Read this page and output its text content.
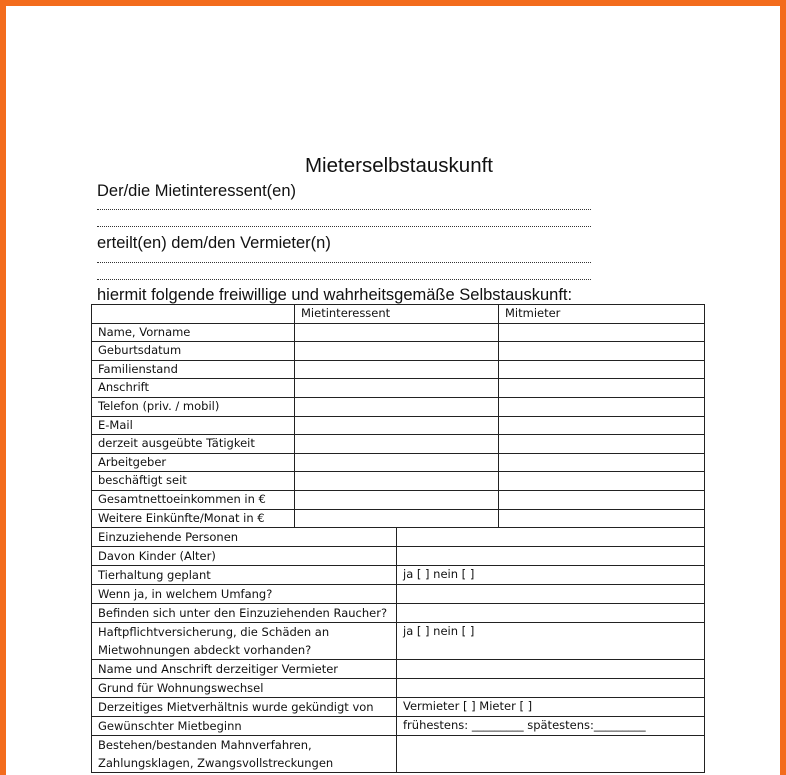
Mieterselbstauskunft
Der/die Mietinteressent(en)
erteilt(en) dem/den Vermieter(n)
hiermit folgende freiwillige und wahrheitsgemäße Selbstauskunft:
	Mietinteressent		Mitmieter
Name, Vorname			
Geburtsdatum			
Familienstand			
Anschrift			
Telefon (priv. / mobil)			
E-Mail			
derzeit ausgeübte Tätigkeit			
Arbeitgeber			
beschäftigt seit			
Gesamtnettoeinkommen in €			
Weitere Einkünfte/Monat in €			
Einzuziehende Personen			
Davon Kinder (Alter)			
Tierhaltung geplant		ja [ ] nein [ ]	
Wenn ja, in welchem Umfang?			
Befinden sich unter den Einzuziehenden Raucher?			
Haftpflichtversicherung, die Schäden an Mietwohnungen abdeckt vorhanden?		ja [ ] nein [ ]	
Name und Anschrift derzeitiger Vermieter			
Grund für Wohnungswechsel			
Derzeitiges Mietverhältnis wurde gekündigt von		Vermieter [ ] Mieter [ ]	
Gewünschter Mietbeginn		frühestens: _________ spätestens:_________	
Bestehen/bestanden Mahnverfahren, Zahlungsklagen, Zwangsvollstreckungen			
